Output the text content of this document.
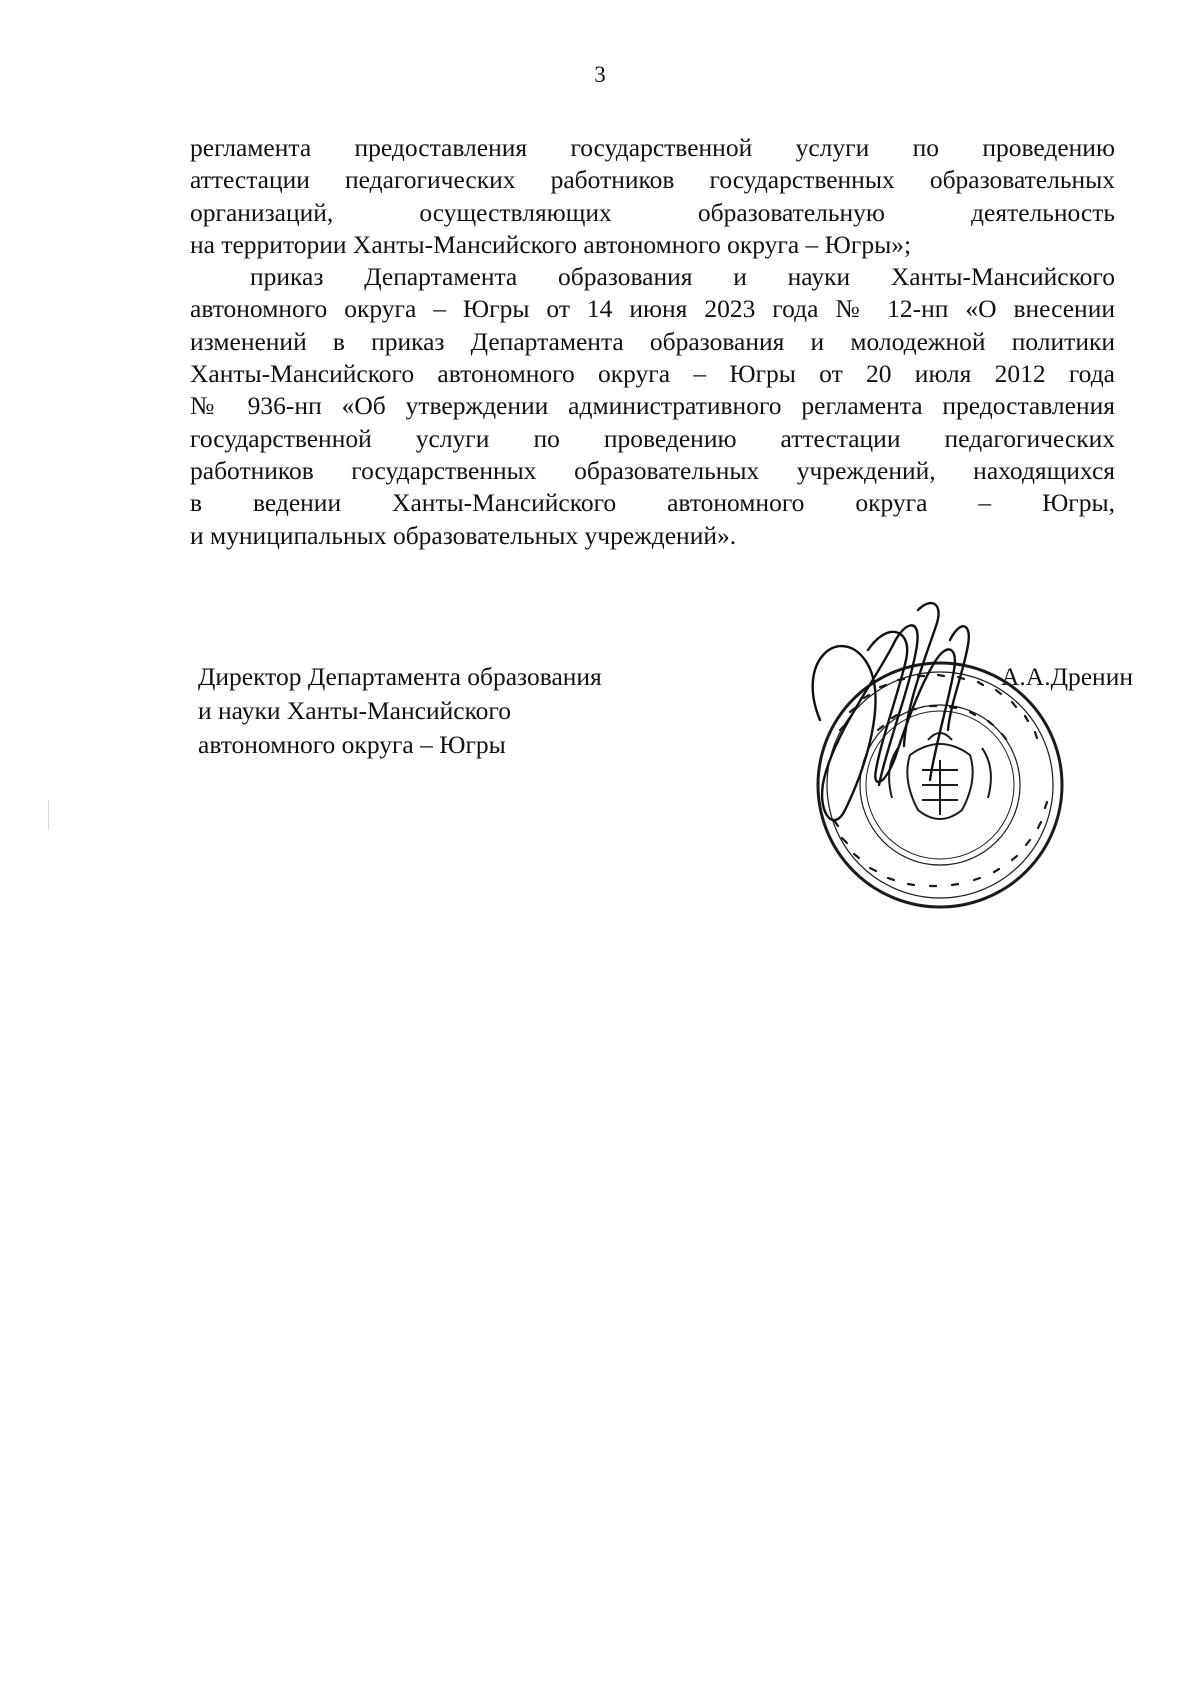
3
регламента предоставления государственной услуги по проведению
аттестации педагогических работников государственных образовательных
организаций, осуществляющих образовательную деятельность
на территории Ханты-Мансийского автономного округа – Югры»;
приказ Департамента образования и науки Ханты-Мансийского
автономного округа – Югры от 14 июня 2023 года № 12-нп «О внесении
изменений в приказ Департамента образования и молодежной политики
Ханты-Мансийского автономного округа – Югры от 20 июля 2012 года
№ 936-нп «Об утверждении административного регламента предоставления
государственной услуги по проведению аттестации педагогических
работников государственных образовательных учреждений, находящихся
в ведении Ханты-Мансийского автономного округа – Югры,
и муниципальных образовательных учреждений».
Директор Департамента образования
и науки Ханты-Мансийского
автономного округа – Югры
А.А.Дренин
